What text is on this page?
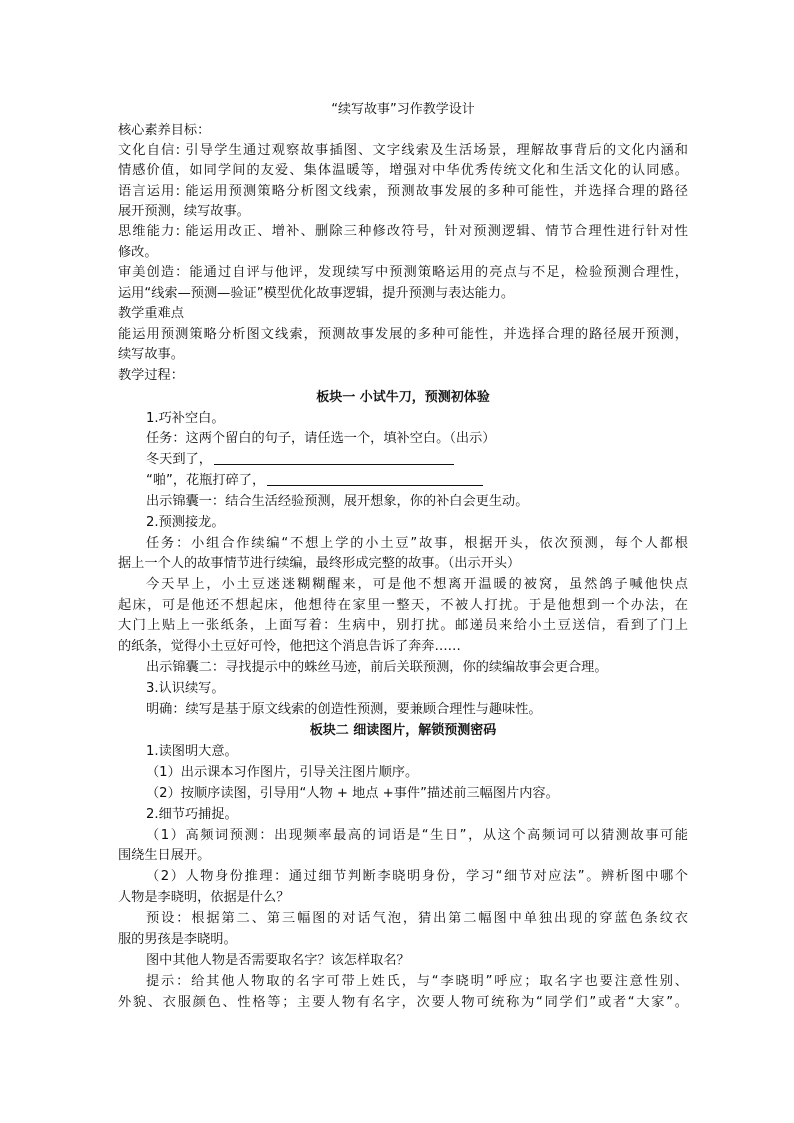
“续写故事”习作教学设计
核心素养目标：
文化自信: 引导学生通过观察故事插图、文字线索及生活场景，理解故事背后的文化内涵和
情感价值，如同学间的友爱、集体温暖等，增强对中华优秀传统文化和生活文化的认同感。
语言运用: 能运用预测策略分析图文线索，预测故事发展的多种可能性，并选择合理的路径
展开预测，续写故事。
思维能力: 能运用改正、增补、删除三种修改符号，针对预测逻辑、情节合理性进行针对性
修改。
审美创造：能通过自评与他评，发现续写中预测策略运用的亮点与不足，检验预测合理性，
运用“线索—预测—验证”模型优化故事逻辑，提升预测与表达能力。
教学重难点
能运用预测策略分析图文线索，预测故事发展的多种可能性，并选择合理的路径展开预测，
续写故事。
教学过程：
板块一 小试牛刀，预测初体验
1.巧补空白。
任务：这两个留白的句子，请任选一个，填补空白。（出示）
冬天到了，
“啪”，花瓶打碎了，
出示锦囊一：结合生活经验预测，展开想象，你的补白会更生动。
2.预测接龙。
任务：小组合作续编“不想上学的小土豆”故事，根据开头，依次预测，每个人都根
据上一个人的故事情节进行续编，最终形成完整的故事。（出示开头）
今天早上，小土豆迷迷糊糊醒来，可是他不想离开温暖的被窝，虽然鸽子喊他快点
起床，可是他还不想起床，他想待在家里一整天，不被人打扰。于是他想到一个办法，在
大门上贴上一张纸条，上面写着：生病中，别打扰。邮递员来给小土豆送信，看到了门上
的纸条，觉得小土豆好可怜，他把这个消息告诉了奔奔……
出示锦囊二：寻找提示中的蛛丝马迹，前后关联预测，你的续编故事会更合理。
3.认识续写。
明确：续写是基于原文线索的创造性预测，要兼顾合理性与趣味性。
板块二 细读图片，解锁预测密码
1.读图明大意。
（1）出示课本习作图片，引导关注图片顺序。
（2）按顺序读图，引导用“人物 + 地点 +事件”描述前三幅图片内容。
2.细节巧捕捉。
（1）高频词预测：出现频率最高的词语是“生日”，从这个高频词可以猜测故事可能
围绕生日展开。
（2）人物身份推理：通过细节判断李晓明身份，学习“细节对应法”。辨析图中哪个
人物是李晓明，依据是什么？
预设：根据第二、第三幅图的对话气泡，猜出第二幅图中单独出现的穿蓝色条纹衣
服的男孩是李晓明。
图中其他人物是否需要取名字？该怎样取名？
提示：给其他人物取的名字可带上姓氏，与“李晓明”呼应；取名字也要注意性别、
外貌、衣服颜色、性格等；主要人物有名字，次要人物可统称为“同学们”或者“大家”。
